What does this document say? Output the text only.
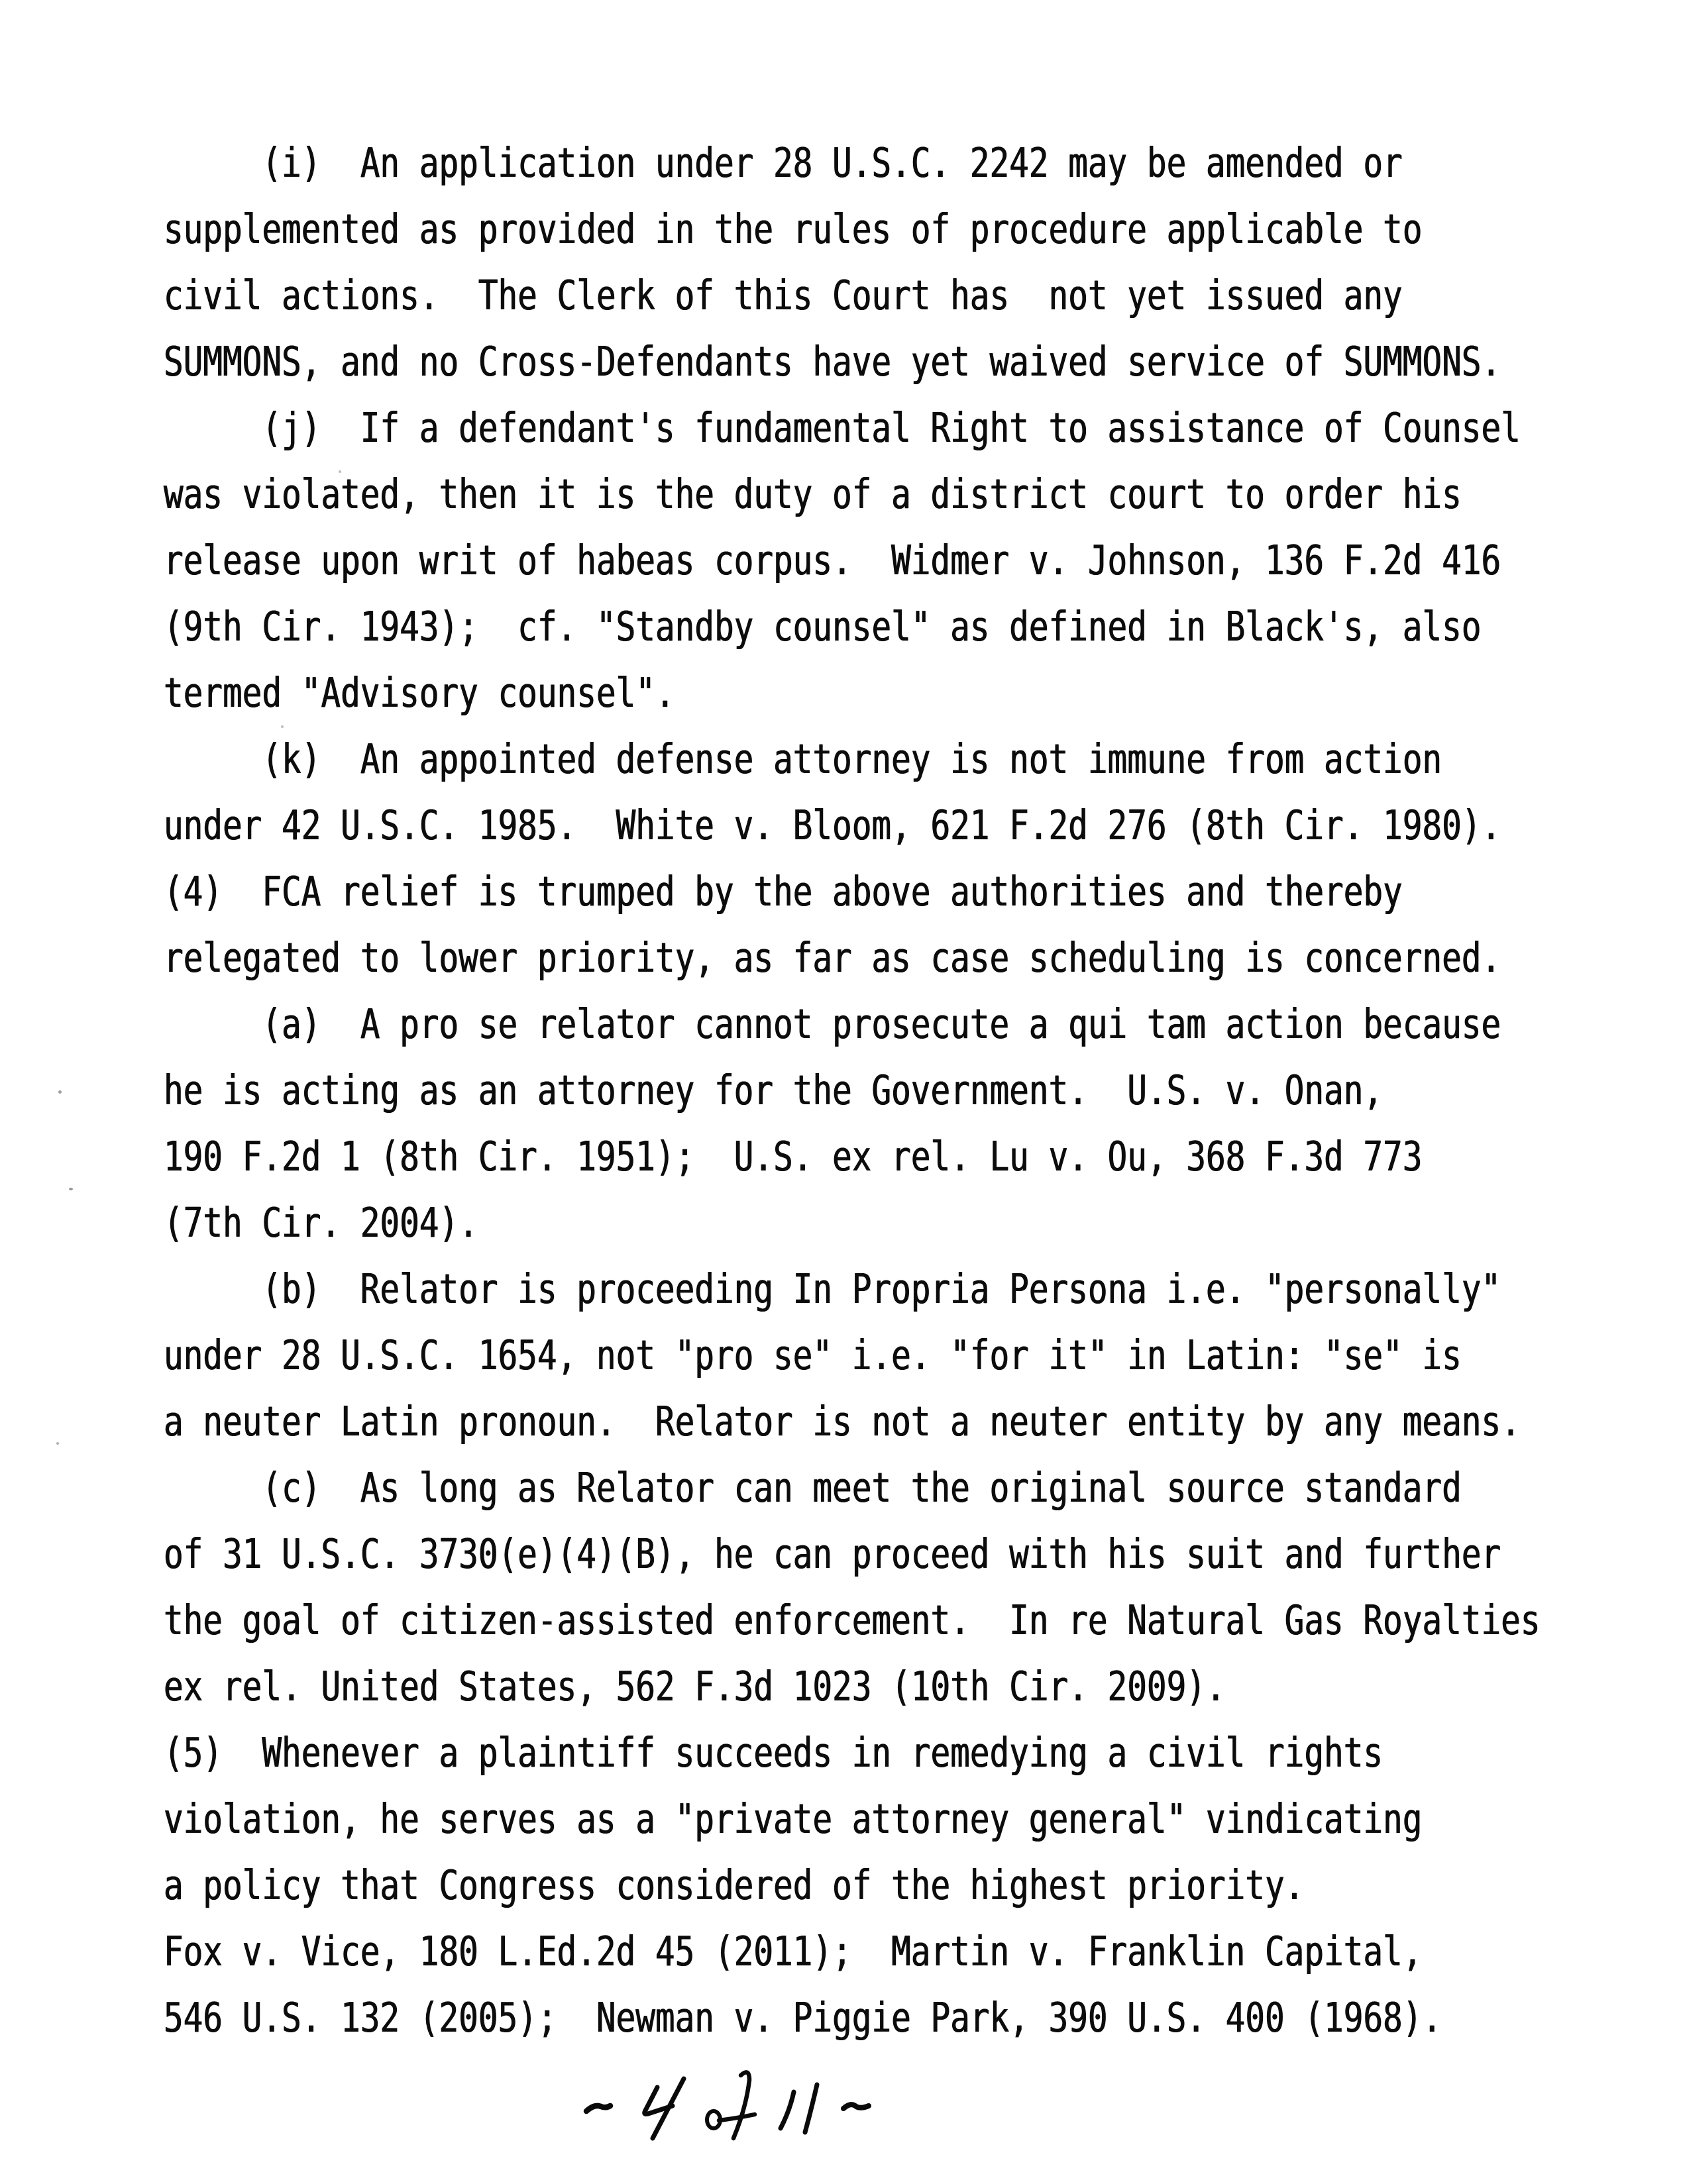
(i)  An application under 28 U.S.C. 2242 may be amended or
supplemented as provided in the rules of procedure applicable to
civil actions.  The Clerk of this Court has  not yet issued any
SUMMONS, and no Cross-Defendants have yet waived service of SUMMONS.
(j)  If a defendant's fundamental Right to assistance of Counsel
was violated, then it is the duty of a district court to order his
release upon writ of habeas corpus.  Widmer v. Johnson, 136 F.2d 416
(9th Cir. 1943);  cf. "Standby counsel" as defined in Black's, also
termed "Advisory counsel".
(k)  An appointed defense attorney is not immune from action
under 42 U.S.C. 1985.  White v. Bloom, 621 F.2d 276 (8th Cir. 1980).
(4)  FCA relief is trumped by the above authorities and thereby
relegated to lower priority, as far as case scheduling is concerned.
(a)  A pro se relator cannot prosecute a qui tam action because
he is acting as an attorney for the Government.  U.S. v. Onan,
190 F.2d 1 (8th Cir. 1951);  U.S. ex rel. Lu v. Ou, 368 F.3d 773
(7th Cir. 2004).
(b)  Relator is proceeding In Propria Persona i.e. "personally"
under 28 U.S.C. 1654, not "pro se" i.e. "for it" in Latin: "se" is
a neuter Latin pronoun.  Relator is not a neuter entity by any means.
(c)  As long as Relator can meet the original source standard
of 31 U.S.C. 3730(e)(4)(B), he can proceed with his suit and further
the goal of citizen-assisted enforcement.  In re Natural Gas Royalties
ex rel. United States, 562 F.3d 1023 (10th Cir. 2009).
(5)  Whenever a plaintiff succeeds in remedying a civil rights
violation, he serves as a "private attorney general" vindicating
a policy that Congress considered of the highest priority.
Fox v. Vice, 180 L.Ed.2d 45 (2011);  Martin v. Franklin Capital,
546 U.S. 132 (2005);  Newman v. Piggie Park, 390 U.S. 400 (1968).
